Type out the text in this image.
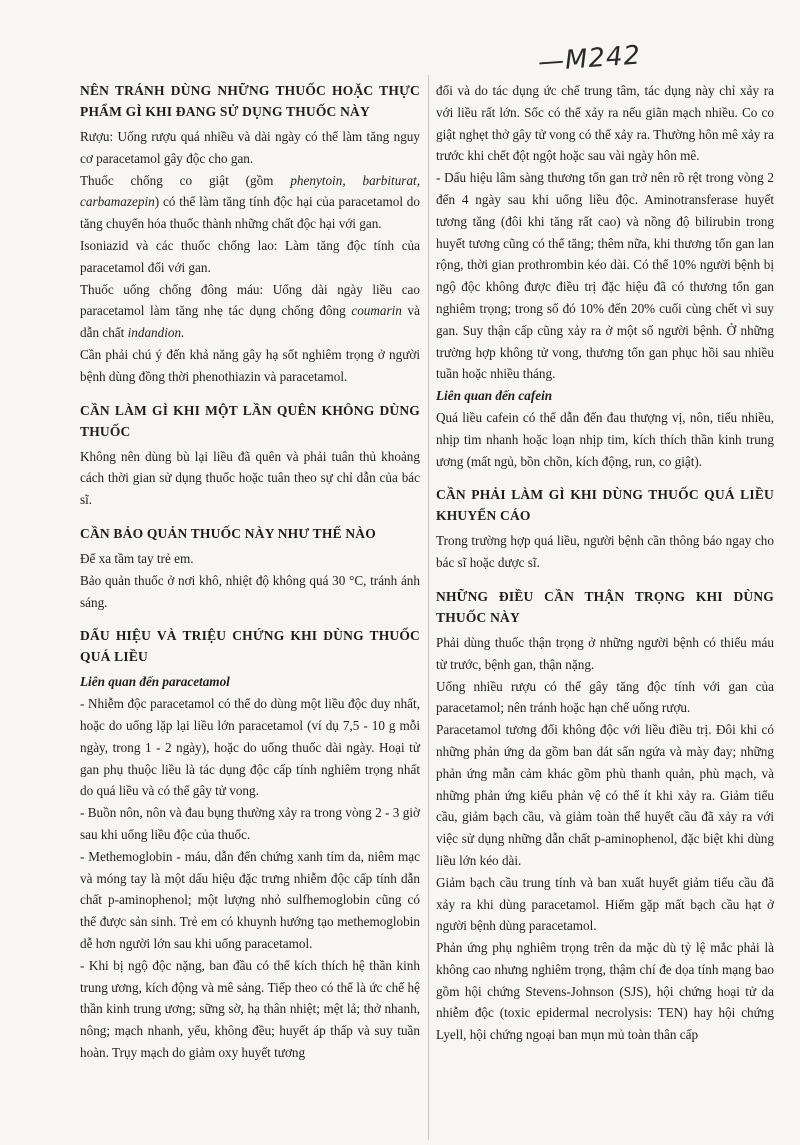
—M242
NÊN TRÁNH DÙNG NHỮNG THUỐC HOẶC THỰC PHẨM GÌ KHI ĐANG SỬ DỤNG THUỐC NÀY

Rượu: Uống rượu quá nhiều và dài ngày có thể làm tăng nguy cơ paracetamol gây độc cho gan.

Thuốc chống co giật (gồm phenytoin, barbiturat, carbamazepin) có thể làm tăng tính độc hại của paracetamol do tăng chuyển hóa thuốc thành những chất độc hại với gan.

Isoniazid và các thuốc chống lao: Làm tăng độc tính của paracetamol đối với gan.

Thuốc uống chống đông máu: Uống dài ngày liều cao paracetamol làm tăng nhẹ tác dụng chống đông coumarin và dẫn chất indandion.

Cần phải chú ý đến khả năng gây hạ sốt nghiêm trọng ở người bệnh dùng đồng thời phenothiazin và paracetamol.

CẦN LÀM GÌ KHI MỘT LẦN QUÊN KHÔNG DÙNG THUỐC

Không nên dùng bù lại liều đã quên và phải tuân thủ khoảng cách thời gian sử dụng thuốc hoặc tuân theo sự chỉ dẫn của bác sĩ.

CẦN BẢO QUẢN THUỐC NÀY NHƯ THẾ NÀO

Để xa tầm tay trẻ em.

Bảo quản thuốc ở nơi khô, nhiệt độ không quá 30 °C, tránh ánh sáng.

DẤU HIỆU VÀ TRIỆU CHỨNG KHI DÙNG THUỐC QUÁ LIỀU
Liên quan đến paracetamol

- Nhiễm độc paracetamol có thể do dùng một liều độc duy nhất, hoặc do uống lặp lại liều lớn paracetamol (ví dụ 7,5 - 10 g mỗi ngày, trong 1 - 2 ngày), hoặc do uống thuốc dài ngày. Hoại tử gan phụ thuộc liều là tác dụng độc cấp tính nghiêm trọng nhất do quá liều và có thể gây tử vong.

- Buồn nôn, nôn và đau bụng thường xảy ra trong vòng 2 - 3 giờ sau khi uống liều độc của thuốc.

- Methemoglobin - máu, dẫn đến chứng xanh tím da, niêm mạc và móng tay là một dấu hiệu đặc trưng nhiễm độc cấp tính dẫn chất p-aminophenol; một lượng nhỏ sulfhemoglobin cũng có thể được sản sinh. Trẻ em có khuynh hướng tạo methemoglobin dễ hơn người lớn sau khi uống paracetamol.

- Khi bị ngộ độc nặng, ban đầu có thể kích thích hệ thần kinh trung ương, kích động và mê sảng. Tiếp theo có thể là ức chế hệ thần kinh trung ương; sững sờ, hạ thân nhiệt; mệt lả; thở nhanh, nông; mạch nhanh, yếu, không đều; huyết áp thấp và suy tuần hoàn. Trụy mạch do giảm oxy huyết tương

đối và do tác dụng ức chế trung tâm, tác dụng này chỉ xảy ra với liều rất lớn. Sốc có thể xảy ra nếu giãn mạch nhiều. Co co giật nghẹt thở gây tử vong có thể xảy ra. Thường hôn mê xảy ra trước khi chết đột ngột hoặc sau vài ngày hôn mê.

- Dấu hiệu lâm sàng thương tổn gan trở nên rõ rệt trong vòng 2 đến 4 ngày sau khi uống liều độc. Aminotransferase huyết tương tăng (đôi khi tăng rất cao) và nồng độ bilirubin trong huyết tương cũng có thể tăng; thêm nữa, khi thương tổn gan lan rộng, thời gian prothrombin kéo dài. Có thể 10% người bệnh bị ngộ độc không được điều trị đặc hiệu đã có thương tổn gan nghiêm trọng; trong số đó 10% đến 20% cuối cùng chết vì suy gan. Suy thận cấp cũng xảy ra ở một số người bệnh. Ở những trường hợp không tử vong, thương tổn gan phục hồi sau nhiều tuần hoặc nhiều tháng.

Liên quan đến cafein

Quá liều cafein có thể dẫn đến đau thượng vị, nôn, tiểu nhiều, nhịp tim nhanh hoặc loạn nhịp tim, kích thích thần kinh trung ương (mất ngủ, bồn chồn, kích động, run, co giật).

CẦN PHẢI LÀM GÌ KHI DÙNG THUỐC QUÁ LIỀU KHUYẾN CÁO

Trong trường hợp quá liều, người bệnh cần thông báo ngay cho bác sĩ hoặc dược sĩ.

NHỮNG ĐIỀU CẦN THẬN TRỌNG KHI DÙNG THUỐC NÀY

Phải dùng thuốc thận trọng ở những người bệnh có thiếu máu từ trước, bệnh gan, thận nặng.

Uống nhiều rượu có thể gây tăng độc tính với gan của paracetamol; nên tránh hoặc hạn chế uống rượu.

Paracetamol tương đối không độc với liều điều trị. Đôi khi có những phản ứng da gồm ban dát sẩn ngứa và mày đay; những phản ứng mẫn cảm khác gồm phù thanh quản, phù mạch, và những phản ứng kiểu phản vệ có thể ít khi xảy ra. Giảm tiểu cầu, giảm bạch cầu, và giảm toàn thể huyết cầu đã xảy ra với việc sử dụng những dẫn chất p-aminophenol, đặc biệt khi dùng liều lớn kéo dài.

Giảm bạch cầu trung tính và ban xuất huyết giảm tiểu cầu đã xảy ra khi dùng paracetamol. Hiếm gặp mất bạch cầu hạt ở người bệnh dùng paracetamol.

Phản ứng phụ nghiêm trọng trên da mặc dù tỷ lệ mắc phải là không cao nhưng nghiêm trọng, thậm chí đe dọa tính mạng bao gồm hội chứng Stevens-Johnson (SJS), hội chứng hoại tử da nhiễm độc (toxic epidermal necrolysis: TEN) hay hội chứng Lyell, hội chứng ngoại ban mụn mủ toàn thân cấp
